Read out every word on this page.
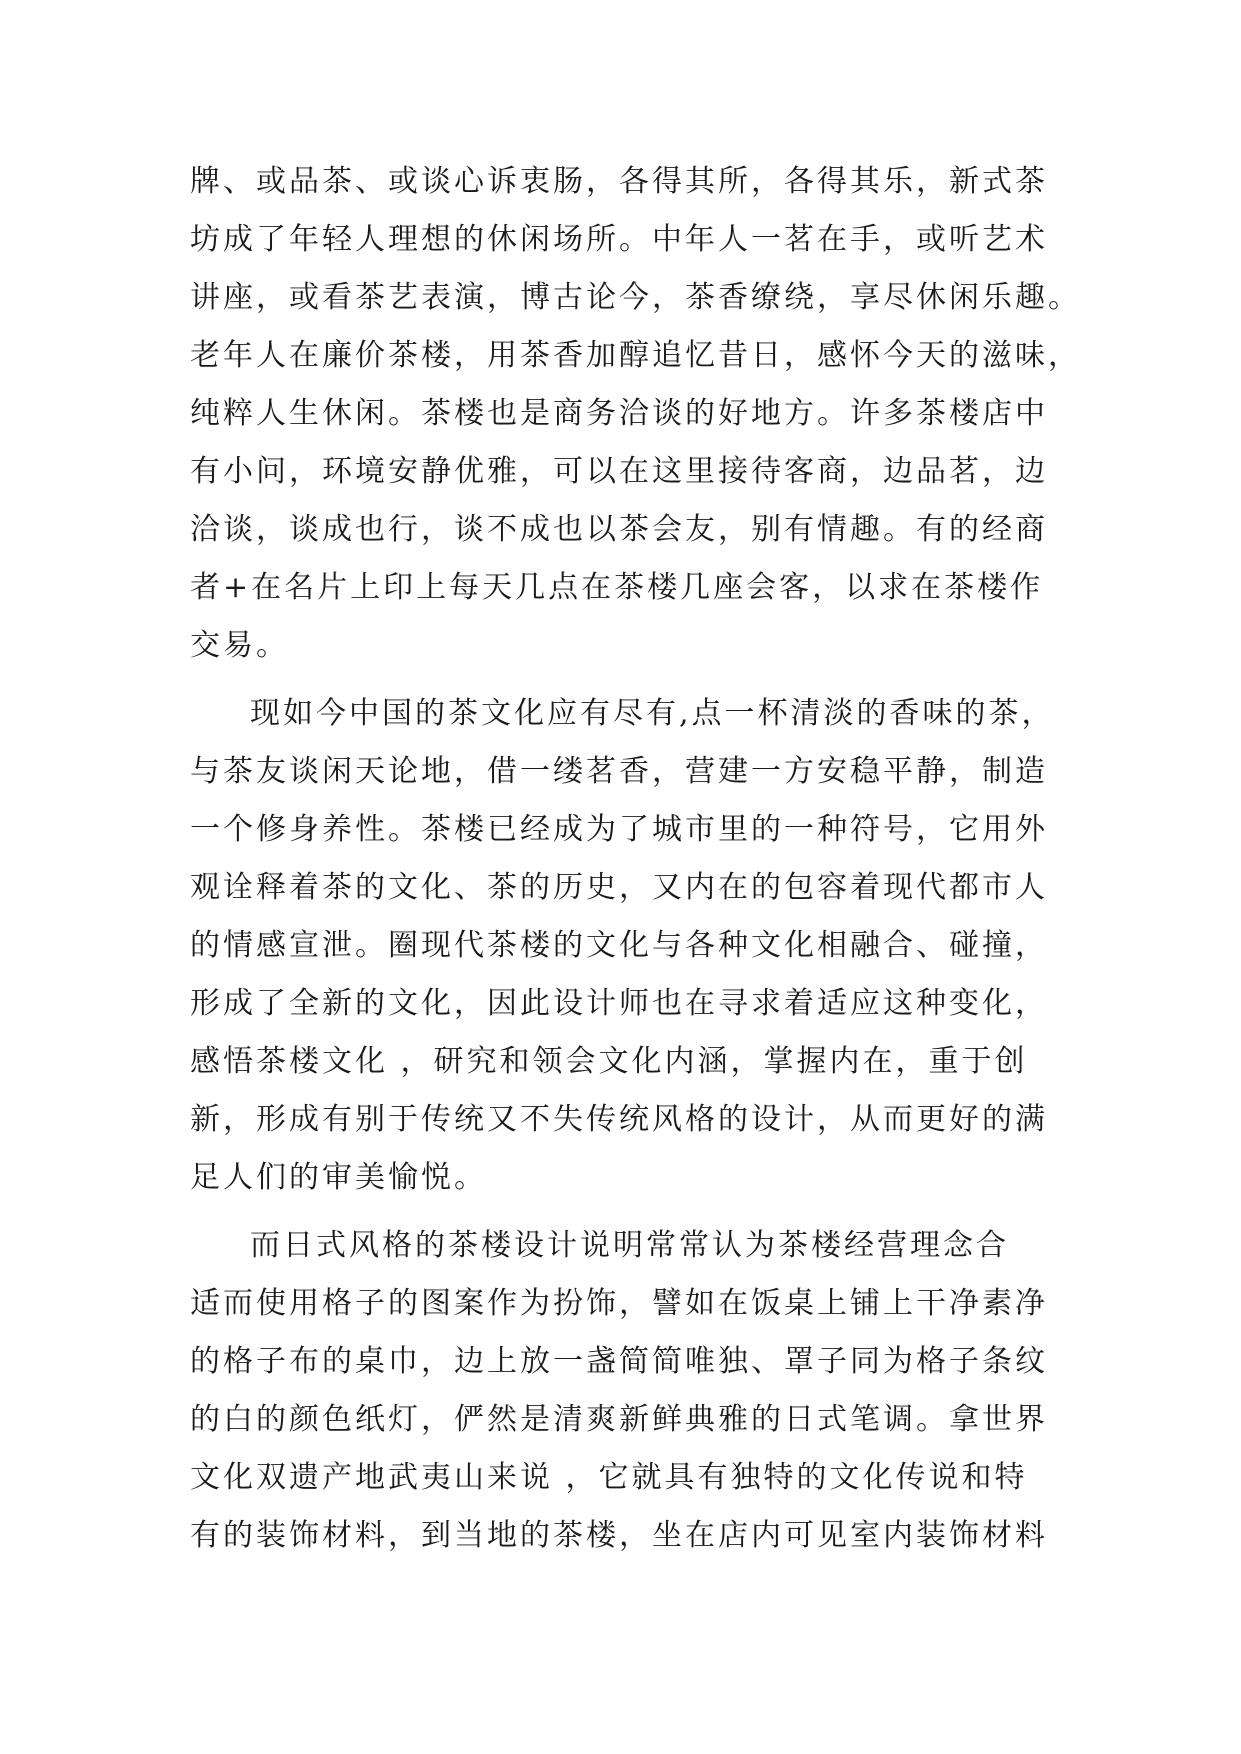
牌、或品茶、或谈心诉衷肠，各得其所，各得其乐，新式茶
坊成了年轻人理想的休闲场所。中年人一茗在手，或听艺术
讲座，或看茶艺表演，博古论今，茶香缭绕，享尽休闲乐趣。
老年人在廉价茶楼，用茶香加醇追忆昔日，感怀今天的滋味，
纯粹人生休闲。茶楼也是商务洽谈的好地方。许多茶楼店中
有小问，环境安静优雅，可以在这里接待客商，边品茗，边
洽谈，谈成也行，谈不成也以茶会友，别有情趣。有的经商
者+在名片上印上每天几点在茶楼几座会客，以求在茶楼作
交易。
现如今中国的茶文化应有尽有,点一杯清淡的香味的茶，
与茶友谈闲天论地，借一缕茗香，营建一方安稳平静，制造
一个修身养性。茶楼已经成为了城市里的一种符号，它用外
观诠释着茶的文化、茶的历史，又内在的包容着现代都市人
的情感宣泄。圈现代茶楼的文化与各种文化相融合、碰撞，
形成了全新的文化，因此设计师也在寻求着适应这种变化，
感悟茶楼文化 ，研究和领会文化内涵，掌握内在，重于创
新，形成有别于传统又不失传统风格的设计，从而更好的满
足人们的审美愉悦。
而日式风格的茶楼设计说明常常认为茶楼经营理念合
适而使用格子的图案作为扮饰，譬如在饭桌上铺上干净素净
的格子布的桌巾，边上放一盏简简唯独、罩子同为格子条纹
的白的颜色纸灯，俨然是清爽新鲜典雅的日式笔调。拿世界
文化双遗产地武夷山来说 ，它就具有独特的文化传说和特
有的装饰材料，到当地的茶楼，坐在店内可见室内装饰材料
